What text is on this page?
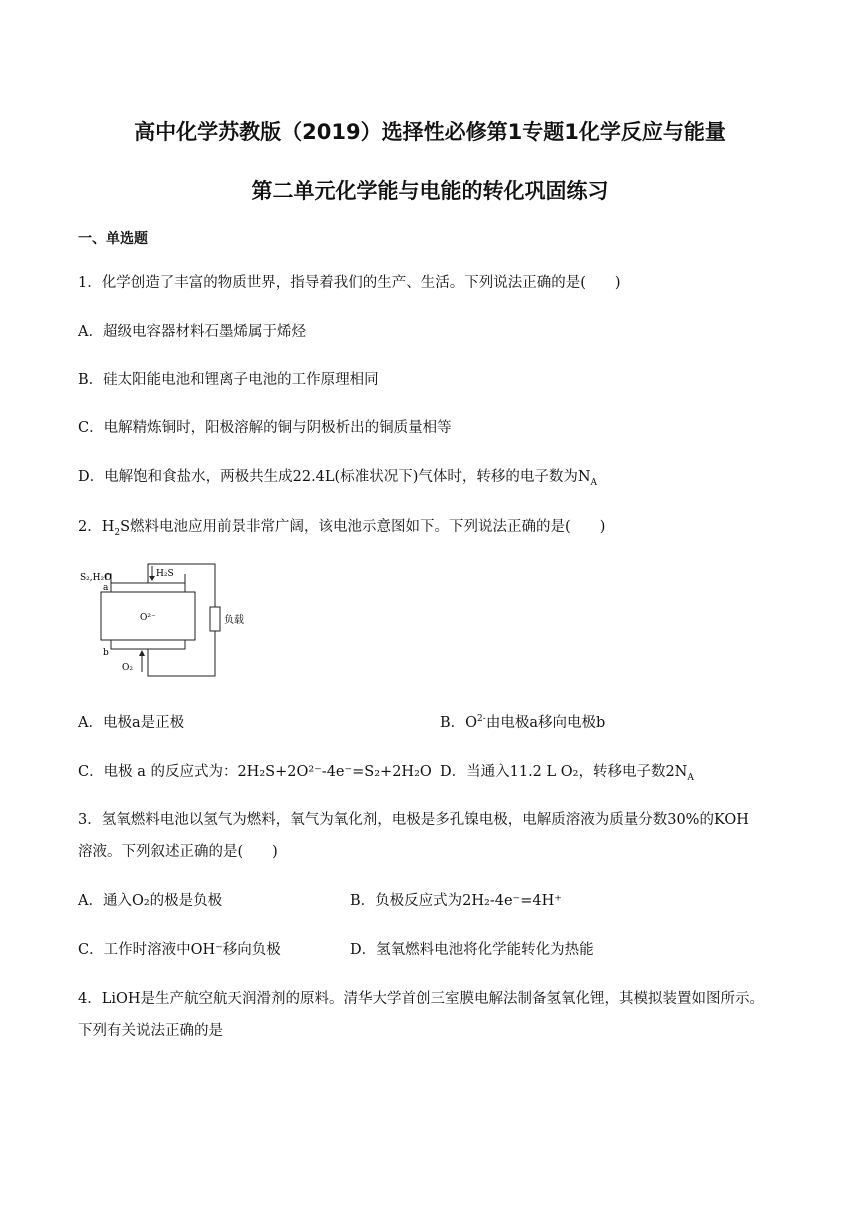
高中化学苏教版（2019）选择性必修第1专题1化学反应与能量
第二单元化学能与电能的转化巩固练习
一、单选题
1．化学创造了丰富的物质世界，指导着我们的生产、生活。下列说法正确的是(　　)
A．超级电容器材料石墨烯属于烯烃
B．硅太阳能电池和锂离子电池的工作原理相同
C．电解精炼铜时，阳极溶解的铜与阴极析出的铜质量相等
D．电解饱和食盐水，两极共生成22.4L(标准状况下)气体时，转移的电子数为$N_A$
2．$H_2S$燃料电池应用前景非常广阔，该电池示意图如下。下列说法正确的是(　　)
S₂,H₂O	H₂S
a
O²⁻
b
O₂
负载
A．电极a是正极	B．$O^{2-}$由电极a移向电极b
C．电极 a 的反应式为：2H₂S+2O²⁻-4e⁻=S₂+2H₂O D．当通入11.2 L O₂，转移电子数$2N_A$
3．氢氧燃料电池以氢气为燃料，氧气为氧化剂，电极是多孔镍电极，电解质溶液为质量分数30%的KOH
溶液。下列叙述正确的是(　　)
A．通入O₂的极是负极	B．负极反应式为2H₂-4e⁻=4H⁺
C．工作时溶液中OH⁻移向负极	D．氢氧燃料电池将化学能转化为热能
4．LiOH是生产航空航天润滑剂的原料。清华大学首创三室膜电解法制备氢氧化锂，其模拟装置如图所示。
下列有关说法正确的是
